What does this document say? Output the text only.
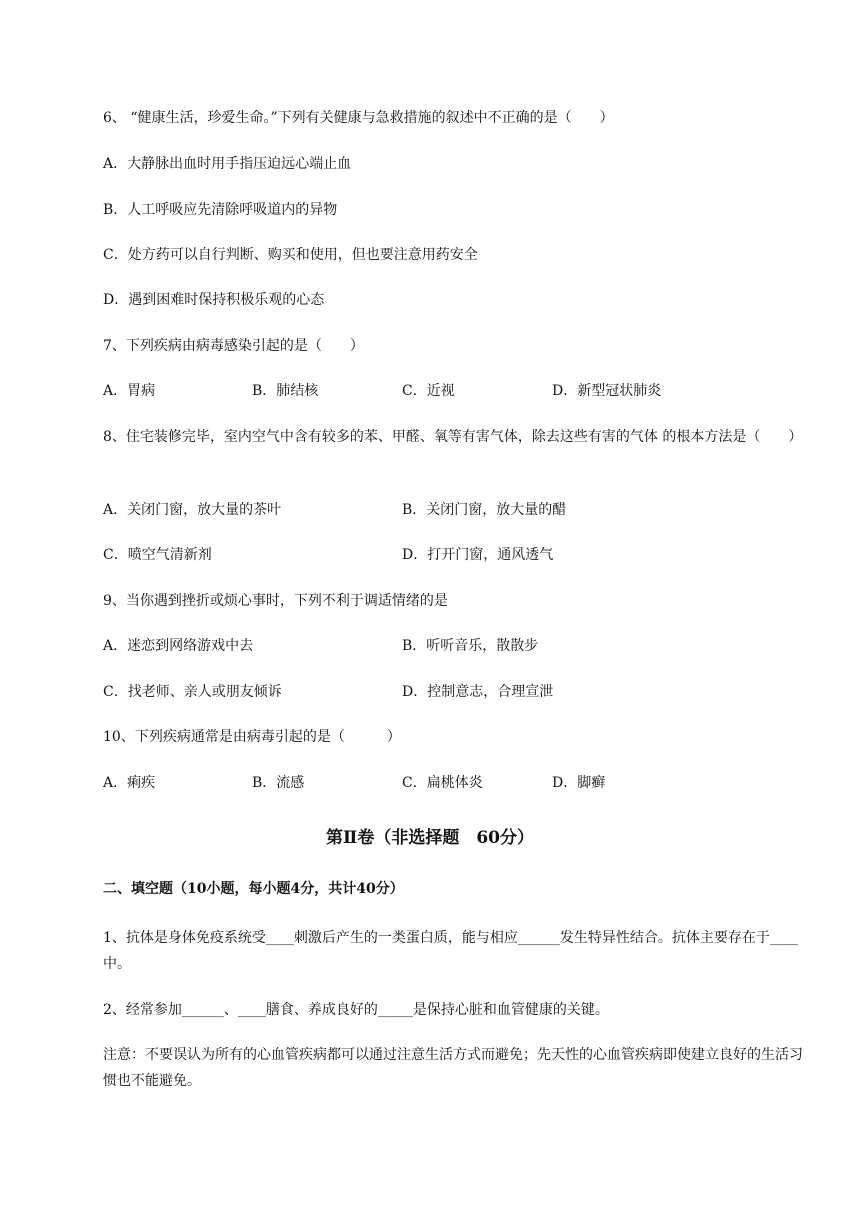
6、 “健康生活，珍爱生命。”下列有关健康与急救措施的叙述中不正确的是（　　）
A．大静脉出血时用手指压迫远心端止血
B．人工呼吸应先清除呼吸道内的异物
C．处方药可以自行判断、购买和使用，但也要注意用药安全
D．遇到困难时保持积极乐观的心态
7、下列疾病由病毒感染引起的是（　　）
A．胃病	B．肺结核	C．近视	D．新型冠状肺炎
8、住宅装修完毕，室内空气中含有较多的苯、甲醛、氧等有害气体，除去这些有害的气体 的根本方法是（　　）
A．关闭门窗，放大量的茶叶	B．关闭门窗，放大量的醋
C．喷空气清新剂	D．打开门窗，通风透气
9、当你遇到挫折或烦心事时，下列不利于调适情绪的是
A．迷恋到网络游戏中去	B．听听音乐，散散步
C．找老师、亲人或朋友倾诉	D．控制意志，合理宣泄
10、下列疾病通常是由病毒引起的是（　　　）
A．痢疾	B．流感	C．扁桃体炎	D．脚癣
第Ⅱ卷（非选择题　60分）
二、填空题（10小题，每小题4分，共计40分）
1、抗体是身体免疫系统受____刺激后产生的一类蛋白质，能与相应______发生特异性结合。抗体主要存在于____中。
2、经常参加______、____膳食、养成良好的_____是保持心脏和血管健康的关键。
注意：不要误认为所有的心血管疾病都可以通过注意生活方式而避免；先天性的心血管疾病即使建立良好的生活习惯也不能避免。
